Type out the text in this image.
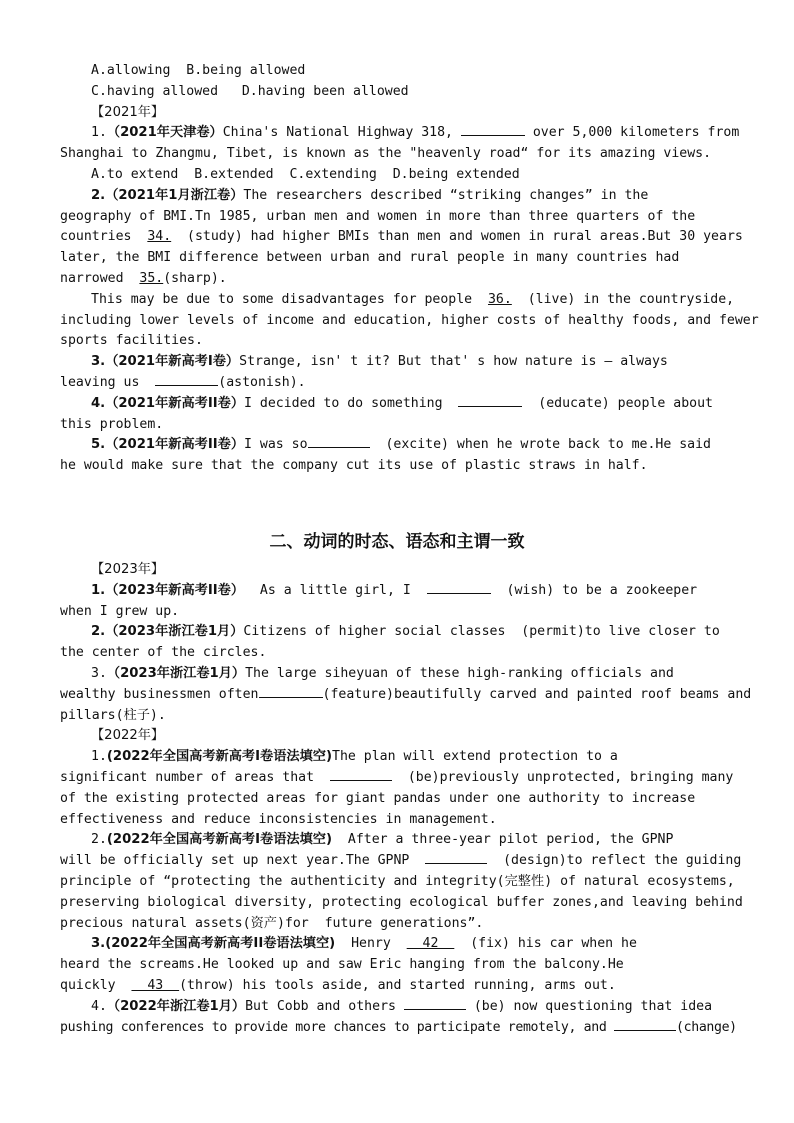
A.allowing  B.being allowed
C.having allowed   D.having been allowed
【2021年】
1.（2021年天津卷）China's National Highway 318,	over 5,000 kilometers from
Shanghai to Zhangmu, Tibet, is known as the "heavenly road“ for its amazing views.
A.to extend  B.extended  C.extending  D.being extended
2.（2021年1月浙江卷）The researchers described “striking changes” in the
geography of BMI.Tn 1985, urban men and women in more than three quarters of the
countries  34.  (study) had higher BMIs than men and women in rural areas.But 30 years
later, the BMI difference between urban and rural people in many countries had
narrowed  35.(sharp).
This may be due to some disadvantages for people  36.  (live) in the countryside,
including lower levels of income and education, higher costs of healthy foods, and fewer
sports facilities.
3.（2021年新高考Ⅰ卷）Strange, isn' t it? But that' s how nature is — always
leaving us	(astonish).
4.（2021年新高考II卷）I decided to do something	(educate) people about
this problem.
5.（2021年新高考II卷）I was so	(excite) when he wrote back to me.He said
he would make sure that the company cut its use of plastic straws in half.
二、动词的时态、语态和主谓一致
【2023年】
1.（2023年新高考II卷）  As a little girl, I	(wish) to be a zookeeper
when I grew up.
2.（2023年浙江卷1月）Citizens of higher social classes  (permit)to live closer to
the center of the circles.
3.（2023年浙江卷1月）The large siheyuan of these high-ranking officials and
wealthy businessmen often	(feature)beautifully carved and painted roof beams and
pillars(柱子).
【2022年】
1.(2022年全国高考新高考Ⅰ卷语法填空)The plan will extend protection to a
significant number of areas that	(be)previously unprotected, bringing many
of the existing protected areas for giant pandas under one authority to increase
effectiveness and reduce inconsistencies in management.
2.(2022年全国高考新高考Ⅰ卷语法填空)  After a three-year pilot period, the GPNP
will be officially set up next year.The GPNP	(design)to reflect the guiding
principle of “protecting the authenticity and integrity(完整性) of natural ecosystems,
preserving biological diversity, protecting ecological buffer zones,and leaving behind
precious natural assets(资产)for  future generations”.
3.(2022年全国高考新高考II卷语法填空)  Henry    42    (fix) his car when he
heard the screams.He looked up and saw Eric hanging from the balcony.He
quickly    43  (throw) his tools aside, and started running, arms out.
4.（2022年浙江卷1月）But Cobb and others	(be) now questioning that idea
pushing conferences to provide more chances to participate remotely, and	(change)
